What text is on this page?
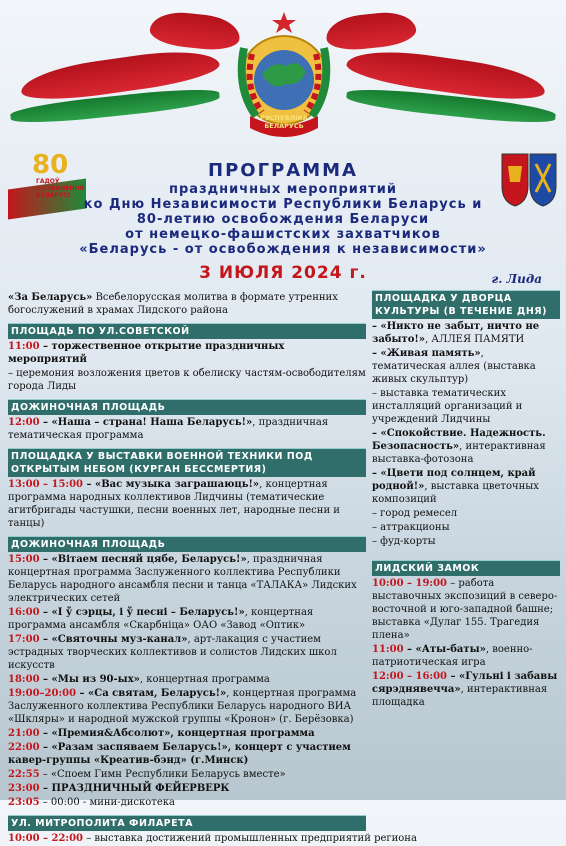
РЭСПУБЛІКА БЕЛАРУСЬ
80
ГАДОЎ
ВЫЗВАЛЕННЯ
БЕЛАРУСІ
ПРОГРАММА
праздничных мероприятий
ко Дню Независимости Республики Беларусь и
80-летию освобождения Беларуси
от немецко-фашистских захватчиков
«Беларусь - от освобождения к независимости»
3 ИЮЛЯ 2024 г.	г. Лида
«За Беларусь» Всебелорусская молитва в формате утренних богослужений в храмах Лидского района
ПЛОЩАДЬ ПО УЛ.СОВЕТСКОЙ
11:00 – торжественное открытие праздничных мероприятий
– церемония возложения цветов к обелиску частям-освободителям города Лиды
ДОЖИНОЧНАЯ ПЛОЩАДЬ
12:00 – «Наша – страна! Наша Беларусь!», праздничная тематическая программа
ПЛОЩАДКА У ВЫСТАВКИ ВОЕННОЙ ТЕХНИКИ ПОД ОТКРЫТЫМ НЕБОМ (КУРГАН БЕССМЕРТИЯ)
13:00 – 15:00 – «Вас музыка заграшаюць!», концертная программа народных коллективов Лидчины (тематические агитбригады частушки, песни военных лет, народные песни и танцы)
ДОЖИНОЧНАЯ ПЛОЩАДЬ
15:00 – «Вітаем песняй цябе, Беларусь!», праздничная концертная программа Заслуженного коллектива Республики Беларусь народного ансамбля песни и танца «ТАЛАКА» Лидских электрических сетей
16:00 – «І ў сэрцы, і ў песні – Беларусь!», концертная программа ансамбля «Скарбніца» ОАО «Завод «Оптик»
17:00 – «Святочны муз-канал», арт-лакация с участием эстрадных творческих коллективов и солистов Лидских школ искусств
18:00 – «Мы из 90-ых», концертная программа
19:00–20:00 – «Са святам, Беларусь!», концертная программа Заслуженного коллектива Республики Беларусь народного ВИА «Шкляры» и народной мужской группы «Кронон» (г. Берёзовка)
21:00 – «Премия&Абсолют», концертная программа
22:00 – «Разам заспяваем Беларусь!», концерт с участием кавер-группы «Креатив-бэнд» (г.Минск)
22:55 – «Споем Гимн Республики Беларусь вместе»
23:00 – ПРАЗДНИЧНЫЙ ФЕЙЕРВЕРК
23:05 – 00:00 - мини-дискотека
УЛ. МИТРОПОЛИТА ФИЛАРЕТА
10:00 – 22:00 – выставка достижений промышленных предприятий региона
ПЛОЩАДКА У ДВОРЦА КУЛЬТУРЫ (В ТЕЧЕНИЕ ДНЯ)
– «Никто не забыт, ничто не забыто!», АЛЛЕЯ ПАМЯТИ
– «Живая память», тематическая аллея (выставка живых скульптур)
– выставка тематических инсталляций организаций и учреждений Лидчины
– «Спокойствие. Надежность. Безопасность», интерактивная выставка-фотозона
– «Цвети под солнцем, край родной!», выставка цветочных композиций
– город ремесел
– аттракционы
– фуд-корты
ЛИДСКИЙ ЗАМОК
10:00 – 19:00 – работа выставочных экспозиций в северо-восточной и юго-западной башне; выставка «Дулаг 155. Трагедия плена»
11:00 – «Аты-баты», военно-патриотическая игра
12:00 – 16:00 – «Гульні і забавы сярэднявечча», интерактивная площадка
